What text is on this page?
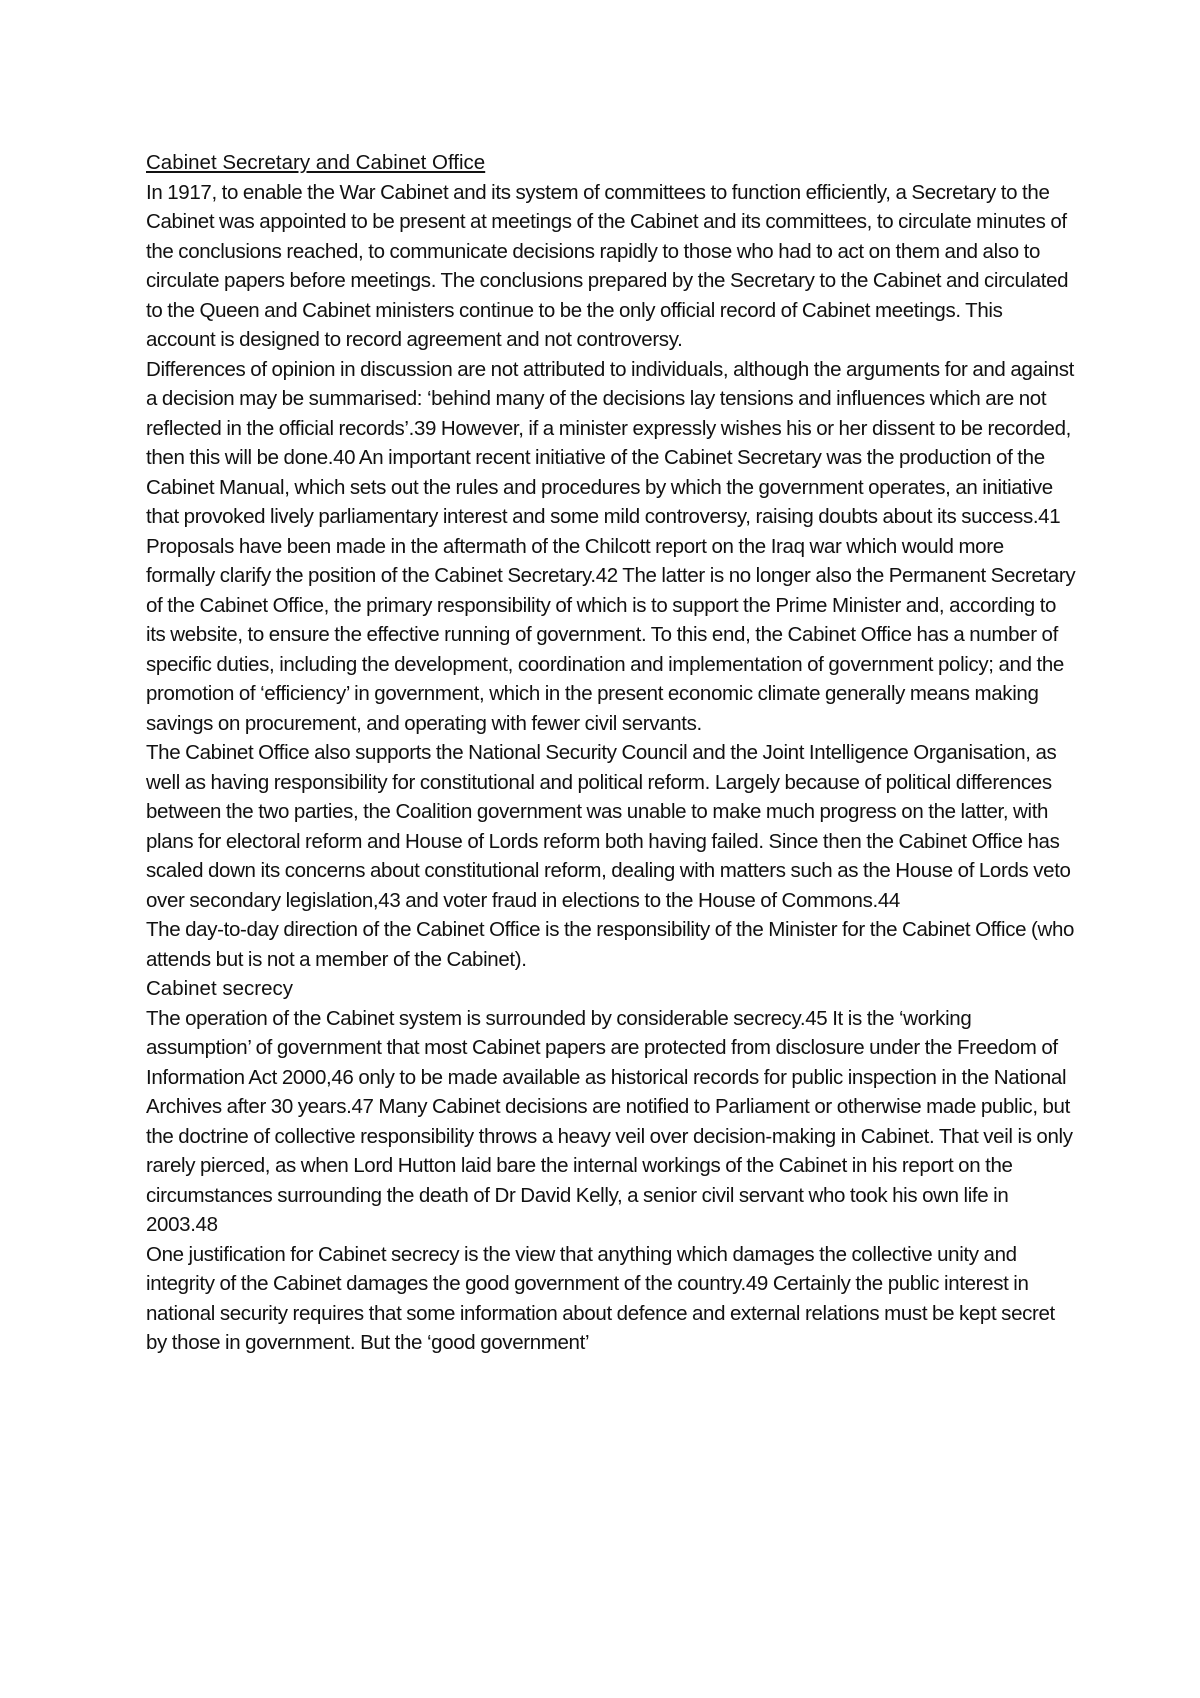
Cabinet Secretary and Cabinet Office

In 1917, to enable the War Cabinet and its system of committees to function efficiently, a Secretary to the Cabinet was appointed to be present at meetings of the Cabinet and its committees, to circulate minutes of the conclusions reached, to communicate decisions rapidly to those who had to act on them and also to circulate papers before meetings. The conclusions prepared by the Secretary to the Cabinet and circulated to the Queen and Cabinet ministers continue to be the only official record of Cabinet meetings. This account is designed to record agreement and not controversy.

Differences of opinion in discussion are not attributed to individuals, although the arguments for and against a decision may be summarised: ‘behind many of the decisions lay tensions and influences which are not reflected in the official records’.39 However, if a minister expressly wishes his or her dissent to be recorded, then this will be done.40 An important recent initiative of the Cabinet Secretary was the production of the Cabinet Manual, which sets out the rules and procedures by which the government operates, an initiative that provoked lively parliamentary interest and some mild controversy, raising doubts about its success.41

Proposals have been made in the aftermath of the Chilcott report on the Iraq war which would more formally clarify the position of the Cabinet Secretary.42 The latter is no longer also the Permanent Secretary of the Cabinet Office, the primary responsibility of which is to support the Prime Minister and, according to its website, to ensure the effective running of government. To this end, the Cabinet Office has a number of specific duties, including the development, coordination and implementation of government policy; and the promotion of ‘efficiency’ in government, which in the present economic climate generally means making savings on procurement, and operating with fewer civil servants.

The Cabinet Office also supports the National Security Council and the Joint Intelligence Organisation, as well as having responsibility for constitutional and political reform. Largely because of political differences between the two parties, the Coalition government was unable to make much progress on the latter, with plans for electoral reform and House of Lords reform both having failed. Since then the Cabinet Office has scaled down its concerns about constitutional reform, dealing with matters such as the House of Lords veto over secondary legislation,43 and voter fraud in elections to the House of Commons.44

The day-to-day direction of the Cabinet Office is the responsibility of the Minister for the Cabinet Office (who attends but is not a member of the Cabinet).

Cabinet secrecy

The operation of the Cabinet system is surrounded by considerable secrecy.45 It is the ‘working assumption’ of government that most Cabinet papers are protected from disclosure under the Freedom of Information Act 2000,46 only to be made available as historical records for public inspection in the National Archives after 30 years.47 Many Cabinet decisions are notified to Parliament or otherwise made public, but the doctrine of collective responsibility throws a heavy veil over decision-making in Cabinet. That veil is only rarely pierced, as when Lord Hutton laid bare the internal workings of the Cabinet in his report on the circumstances surrounding the death of Dr David Kelly, a senior civil servant who took his own life in 2003.48

One justification for Cabinet secrecy is the view that anything which damages the collective unity and integrity of the Cabinet damages the good government of the country.49 Certainly the public interest in national security requires that some information about defence and external relations must be kept secret by those in government. But the ‘good government’
